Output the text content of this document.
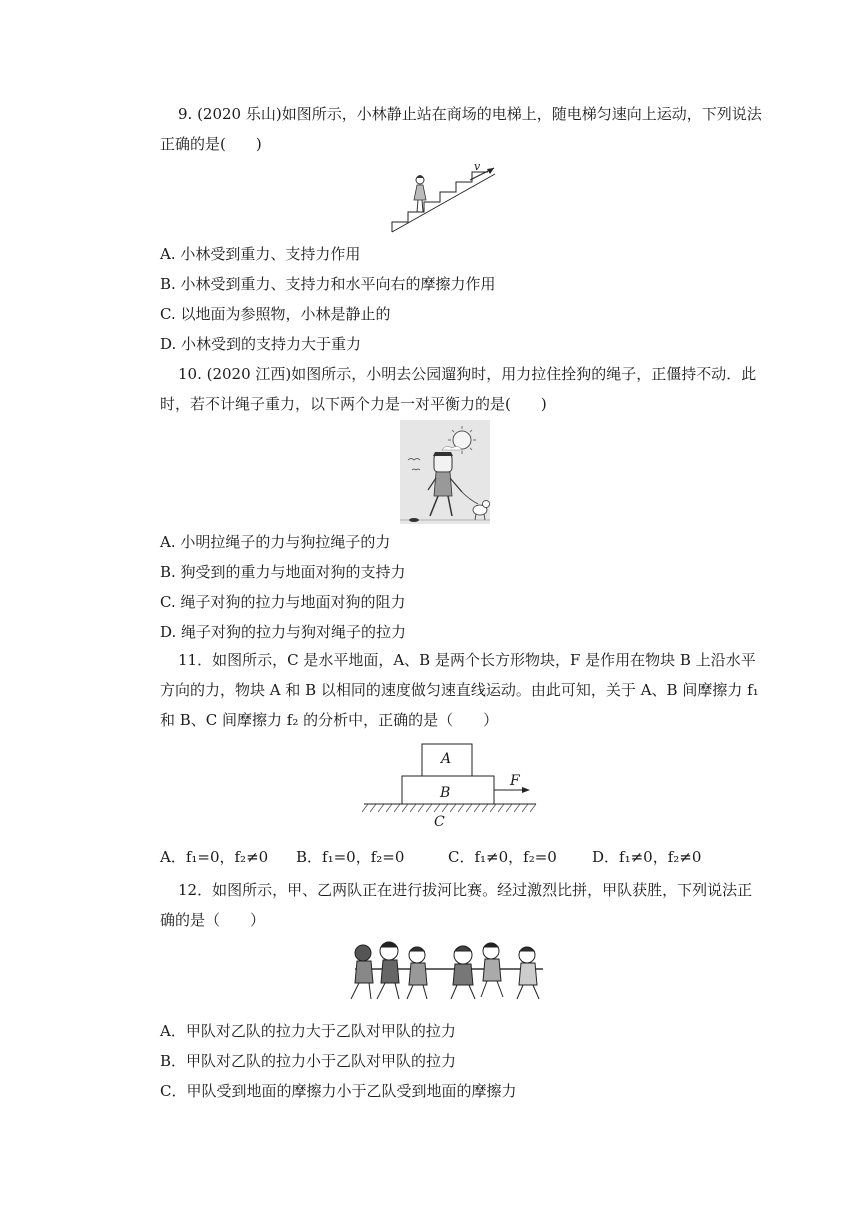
9. (2020 乐山)如图所示，小林静止站在商场的电梯上，随电梯匀速向上运动，下列说法
正确的是(　　)
v
A. 小林受到重力、支持力作用
B. 小林受到重力、支持力和水平向右的摩擦力作用
C. 以地面为参照物，小林是静止的
D. 小林受到的支持力大于重力
10. (2020 江西)如图所示，小明去公园遛狗时，用力拉住拴狗的绳子，正僵持不动．此
时，若不计绳子重力，以下两个力是一对平衡力的是(　　)
A. 小明拉绳子的力与狗拉绳子的力
B. 狗受到的重力与地面对狗的支持力
C. 绳子对狗的拉力与地面对狗的阻力
D. 绳子对狗的拉力与狗对绳子的拉力
11．如图所示，C 是水平地面，A、B 是两个长方形物块，F 是作用在物块 B 上沿水平
方向的力，物块 A 和 B 以相同的速度做匀速直线运动。由此可知，关于 A、B 间摩擦力 f₁
和 B、C 间摩擦力 f₂ 的分析中，正确的是（　　）
A
B
C
F
A．f₁=0，f₂≠0 B．f₁=0，f₂=0	C．f₁≠0，f₂=0 D．f₁≠0，f₂≠0
12．如图所示，甲、乙两队正在进行拔河比赛。经过激烈比拼，甲队获胜，下列说法正
确的是（　　）
A．甲队对乙队的拉力大于乙队对甲队的拉力
B．甲队对乙队的拉力小于乙队对甲队的拉力
C．甲队受到地面的摩擦力小于乙队受到地面的摩擦力
